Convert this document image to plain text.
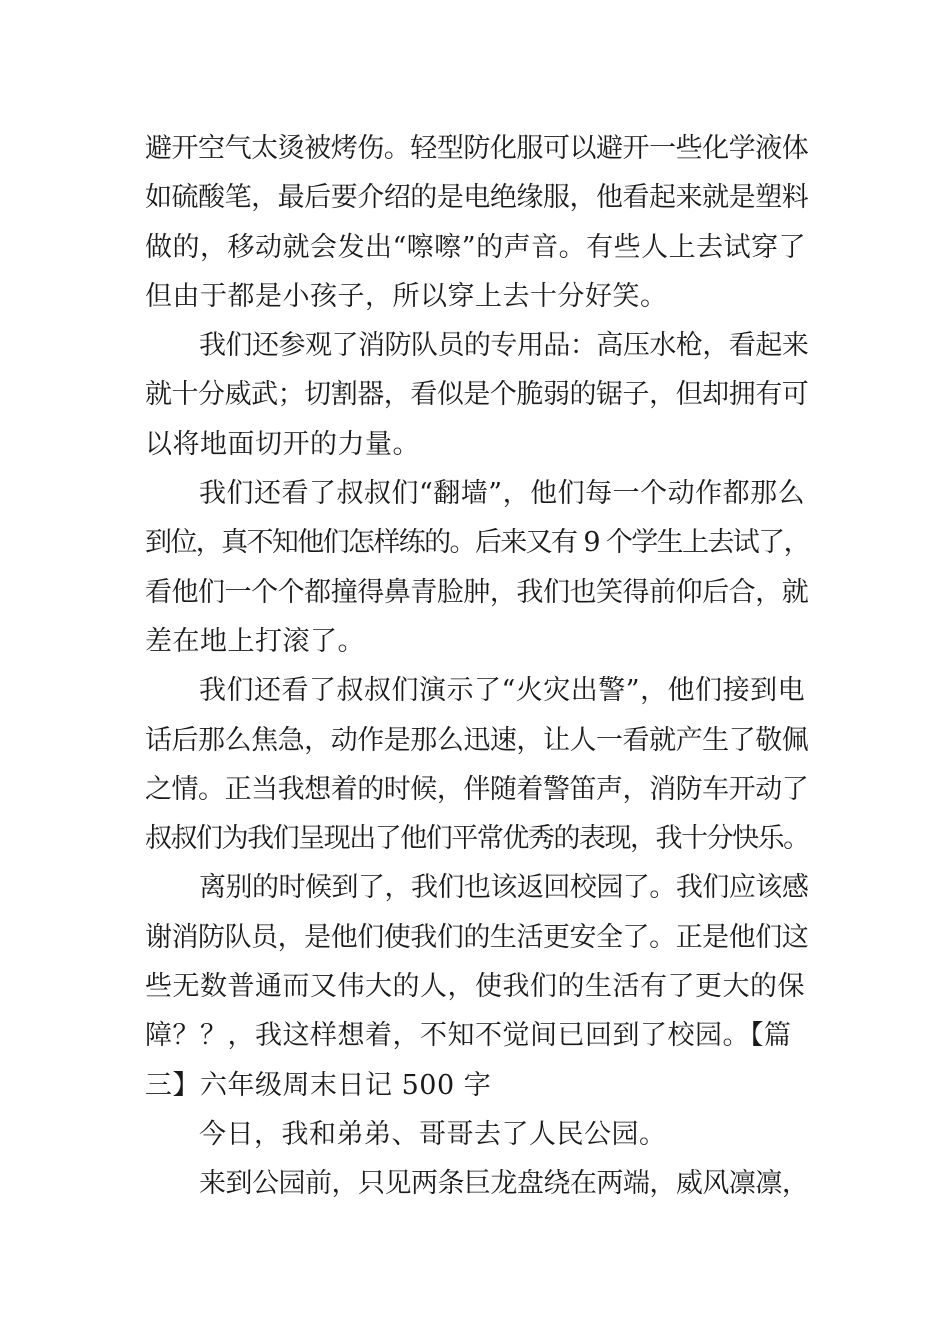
避开空气太烫被烤伤。轻型防化服可以避开一些化学液体
如硫酸笔，最后要介绍的是电绝缘服，他看起来就是塑料
做的，移动就会发出“嚓嚓”的声音。有些人上去试穿了
但由于都是小孩子，所以穿上去十分好笑。
我们还参观了消防队员的专用品：高压水枪，看起来
就十分威武；切割器，看似是个脆弱的锯子，但却拥有可
以将地面切开的力量。
我们还看了叔叔们“翻墙”，他们每一个动作都那么
到位，真不知他们怎样练的。后来又有 9 个学生上去试了，
看他们一个个都撞得鼻青脸肿，我们也笑得前仰后合，就
差在地上打滚了。
我们还看了叔叔们演示了“火灾出警”，他们接到电
话后那么焦急，动作是那么迅速，让人一看就产生了敬佩
之情。正当我想着的时候，伴随着警笛声，消防车开动了
叔叔们为我们呈现出了他们平常优秀的表现，我十分快乐。
离别的时候到了，我们也该返回校园了。我们应该感
谢消防队员，是他们使我们的生活更安全了。正是他们这
些无数普通而又伟大的人，使我们的生活有了更大的保
障？？，我这样想着，不知不觉间已回到了校园。【篇
三】六年级周末日记 500 字
今日，我和弟弟、哥哥去了人民公园。
来到公园前，只见两条巨龙盘绕在两端，威风凛凛，
